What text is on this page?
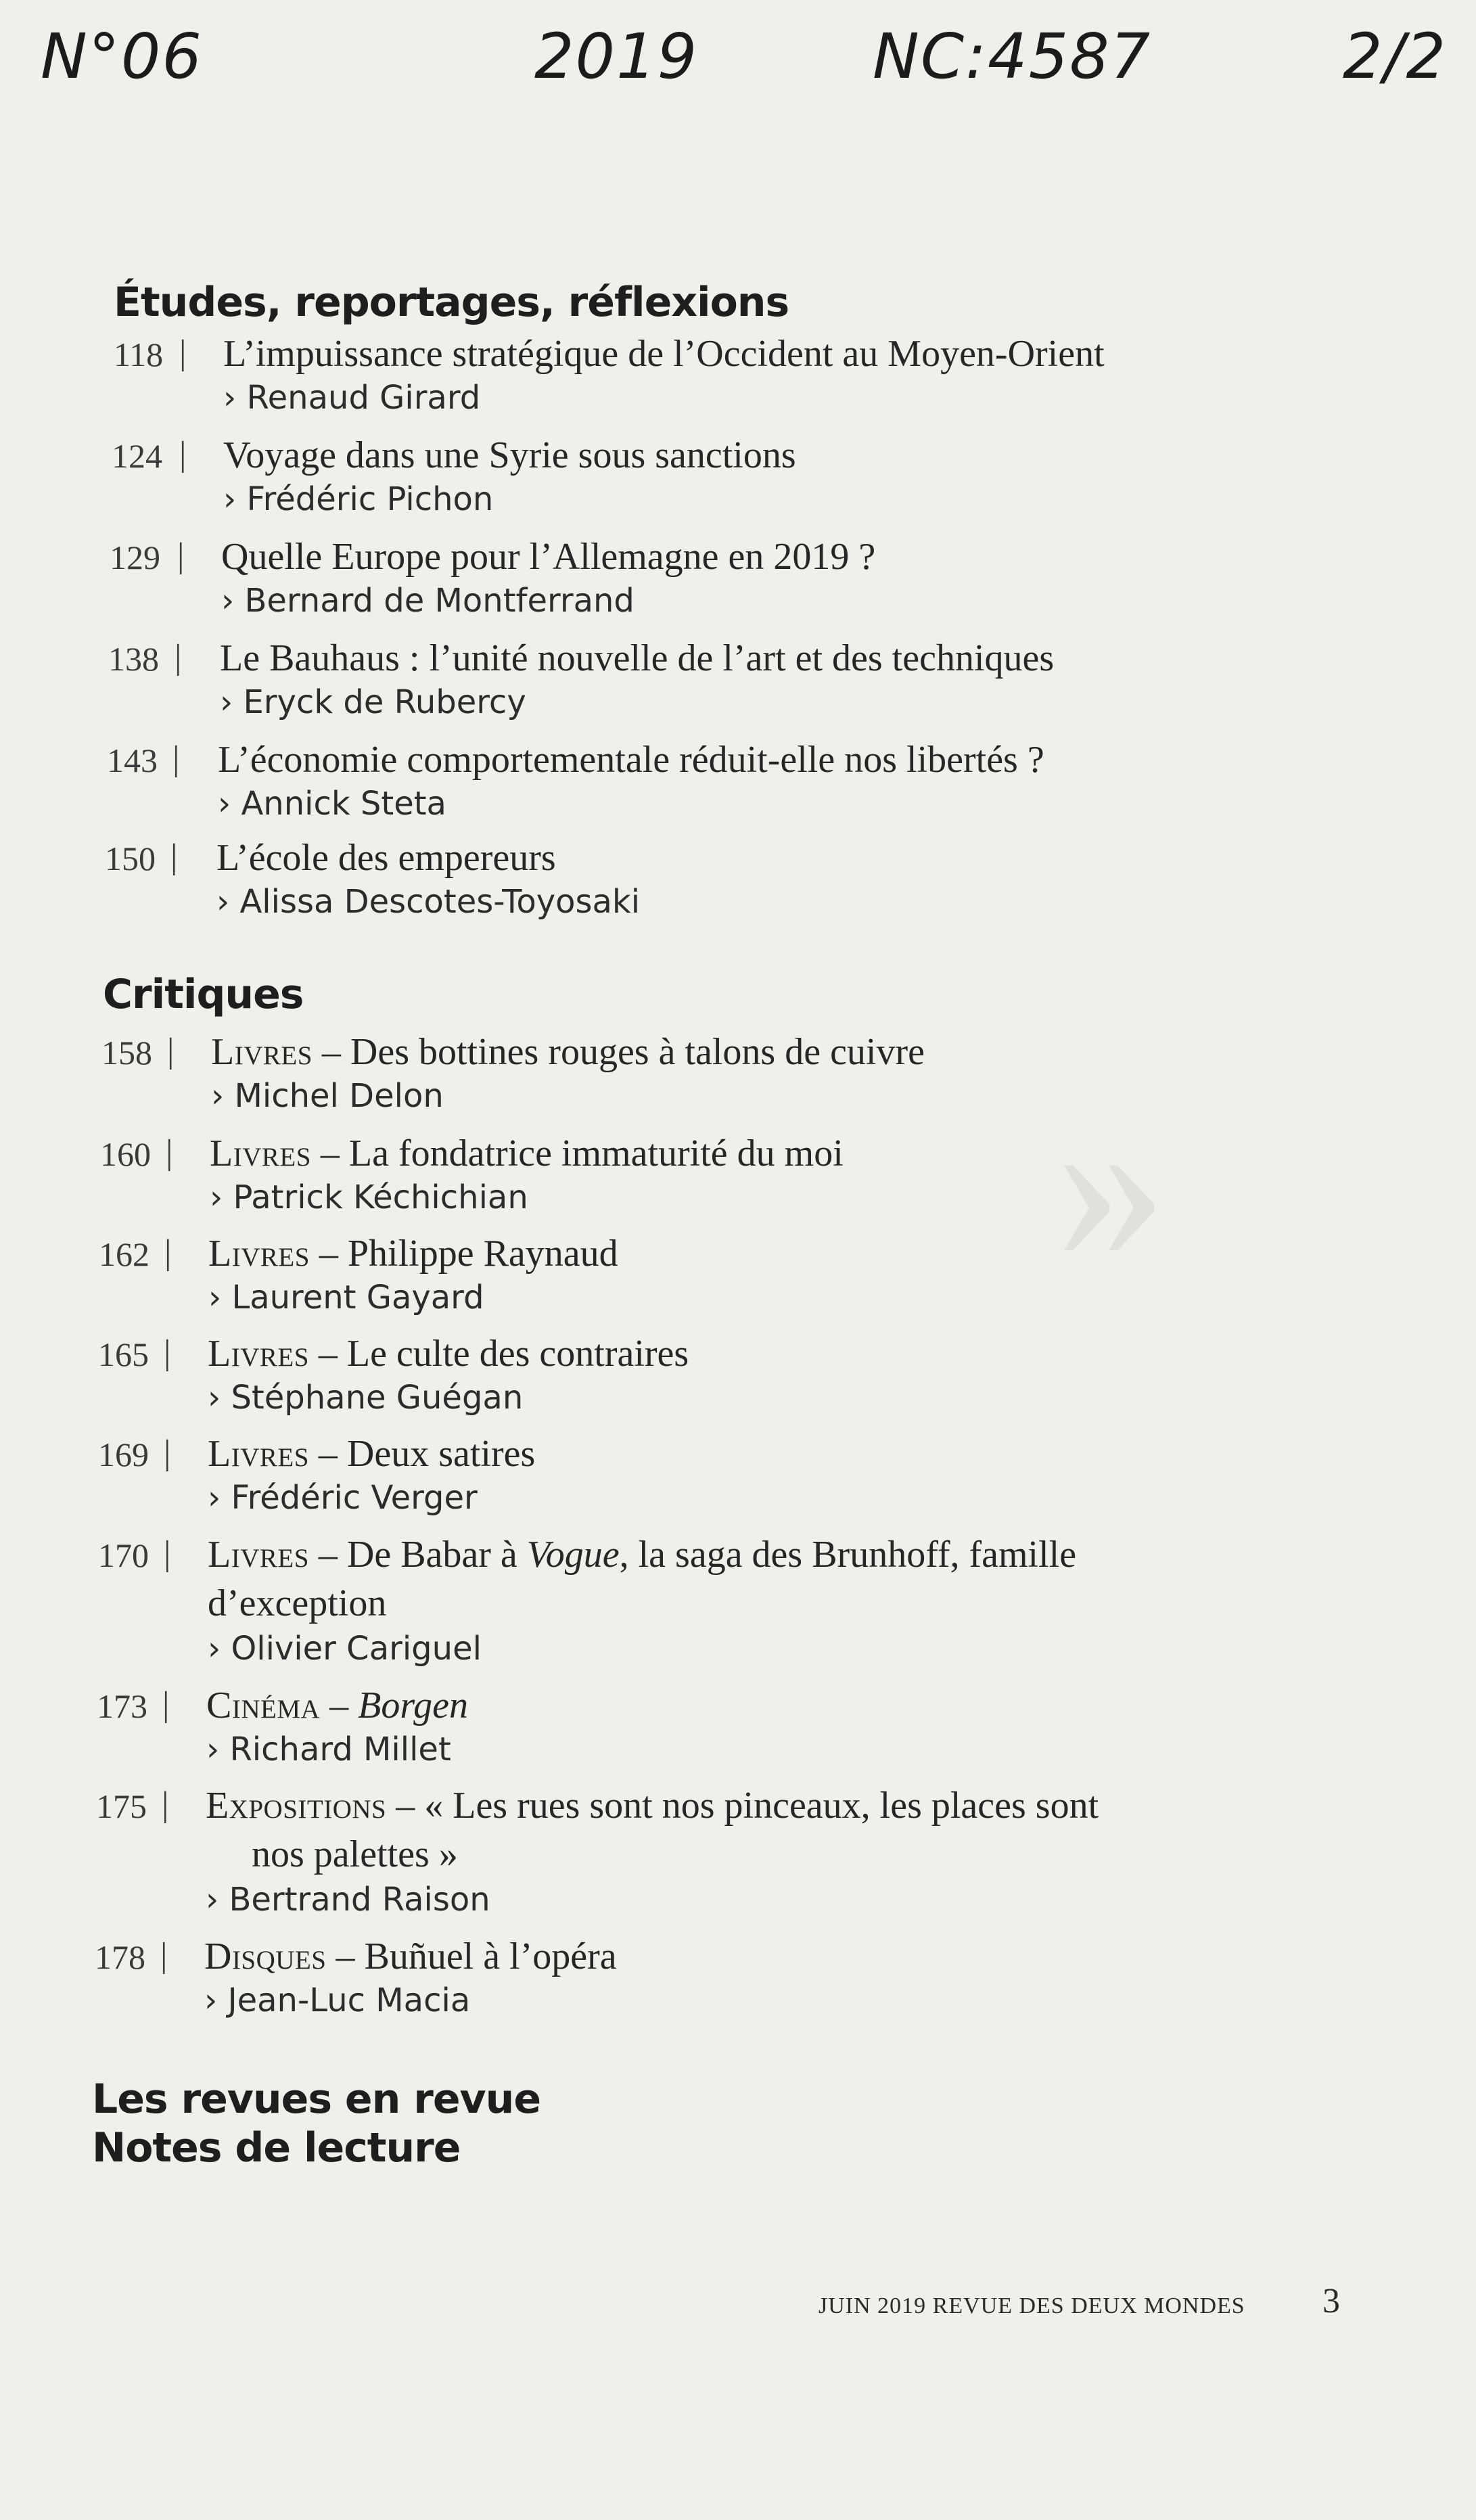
N°06	2019	NC:4587	2/2
»
Études, reportages, réflexions
118 | L’impuissance stratégique de l’Occident au Moyen-Orient
› Renaud Girard
124 | Voyage dans une Syrie sous sanctions
› Frédéric Pichon
129 | Quelle Europe pour l’Allemagne en 2019 ?
› Bernard de Montferrand
138 | Le Bauhaus : l’unité nouvelle de l’art et des techniques
› Eryck de Rubercy
143 | L’économie comportementale réduit-elle nos libertés ?
› Annick Steta
150 | L’école des empereurs
› Alissa Descotes-Toyosaki
Critiques
158 | Livres – Des bottines rouges à talons de cuivre
› Michel Delon
160 | Livres – La fondatrice immaturité du moi
› Patrick Kéchichian
162 | Livres – Philippe Raynaud
› Laurent Gayard
165 | Livres – Le culte des contraires
› Stéphane Guégan
169 | Livres – Deux satires
› Frédéric Verger
170 | Livres – De Babar à Vogue, la saga des Brunhoff, famille
d’exception
› Olivier Cariguel
173 | Cinéma – Borgen
› Richard Millet
175 | Expositions – « Les rues sont nos pinceaux, les places sont
nos palettes »
› Bertrand Raison
178 | Disques – Buñuel à l’opéra
› Jean-Luc Macia
Les revues en revue
Notes de lecture
JUIN 2019 REVUE DES DEUX MONDES 3
